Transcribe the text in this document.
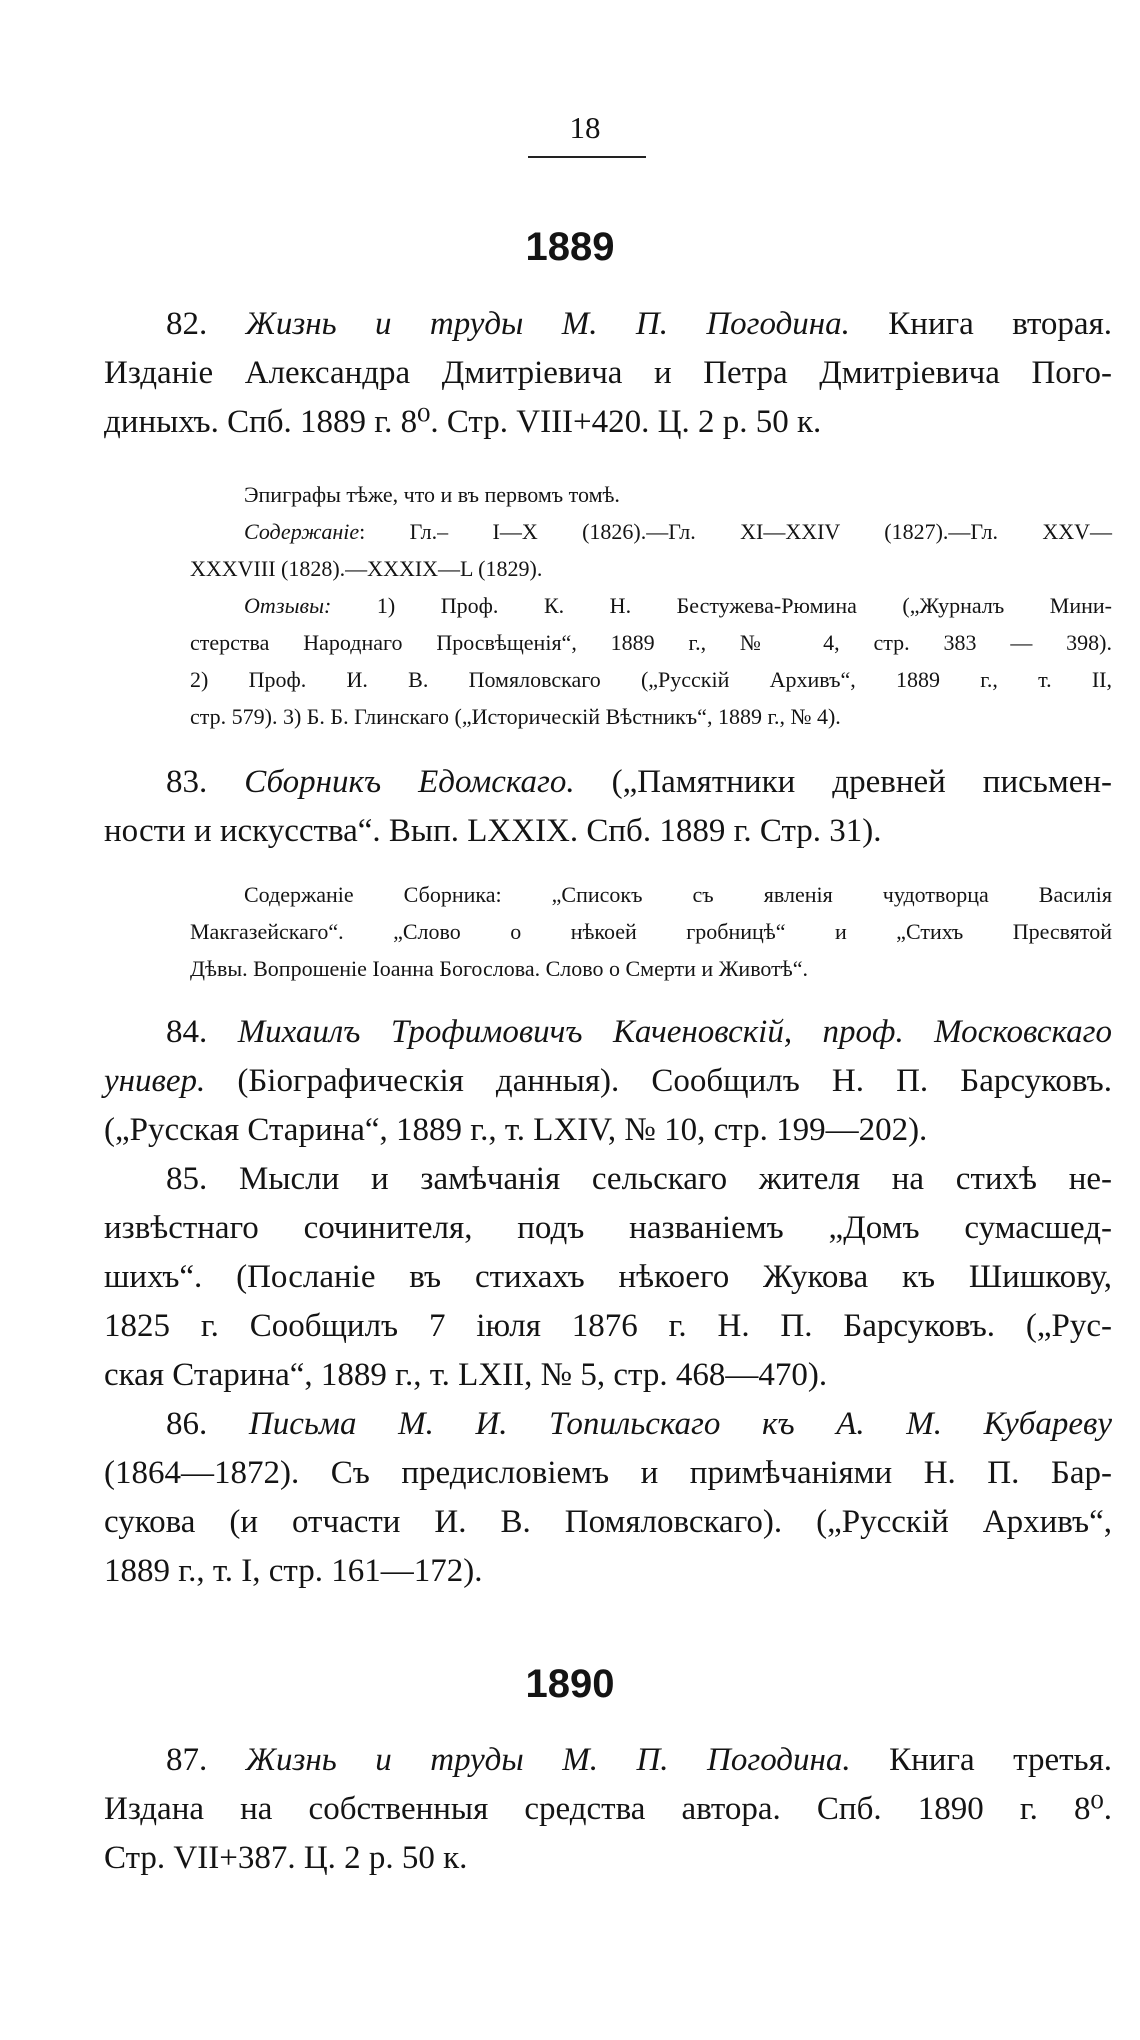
18
1889
82. Жизнь и труды М. П. Погодина. Книга вторая.
Изданіе Александра Дмитріевича и Петра Дмитріевича Пого-
диныхъ. Спб. 1889 г. 8⁰. Стр. VIII+420. Ц. 2 р. 50 к.
Эпиграфы тѣже, что и въ первомъ томѣ.
Содержаніе: Гл.– I—X (1826).—Гл. XI—XXIV (1827).—Гл. XXV—
XXXVIII (1828).—XXXIX—L (1829).
Отзывы: 1) Проф. К. Н. Бестужева-Рюмина („Журналъ Мини-
стерства Народнаго Просвѣщенія“, 1889 г., № 4, стр. 383 — 398).
2) Проф. И. В. Помяловскаго („Русскій Архивъ“, 1889 г., т. II,
стр. 579). 3) Б. Б. Глинскаго („Историческій Вѣстникъ“, 1889 г., № 4).
83. Сборникъ Едомскаго. („Памятники древней письмен-
ности и искусства“. Вып. LXXIX. Спб. 1889 г. Стр. 31).
Содержаніе Сборника: „Списокъ съ явленія чудотворца Василія
Макгазейскаго“. „Слово о нѣкоей гробницѣ“ и „Стихъ Пресвятой
Дѣвы. Вопрошеніе Іоанна Богослова. Слово о Смерти и Животѣ“.
84. Михаилъ Трофимовичъ Каченовскій, проф. Московскаго
универ. (Біографическія данныя). Сообщилъ Н. П. Барсуковъ.
(„Русская Старина“, 1889 г., т. LXIV, № 10, стр. 199—202).
85. Мысли и замѣчанія сельскаго жителя на стихѣ не-
извѣстнаго сочинителя, подъ названіемъ „Домъ сумасшед-
шихъ“. (Посланіе въ стихахъ нѣкоего Жукова къ Шишкову,
1825 г. Сообщилъ 7 іюля 1876 г. Н. П. Барсуковъ. („Рус-
ская Старина“, 1889 г., т. LXII, № 5, стр. 468—470).
86. Письма М. И. Топильскаго къ А. М. Кубареву
(1864—1872). Съ предисловіемъ и примѣчаніями Н. П. Бар-
сукова (и отчасти И. В. Помяловскаго). („Русскій Архивъ“,
1889 г., т. I, стр. 161—172).
1890
87. Жизнь и труды М. П. Погодина. Книга третья.
Издана на собственныя средства автора. Спб. 1890 г. 8⁰.
Стр. VII+387. Ц. 2 р. 50 к.
